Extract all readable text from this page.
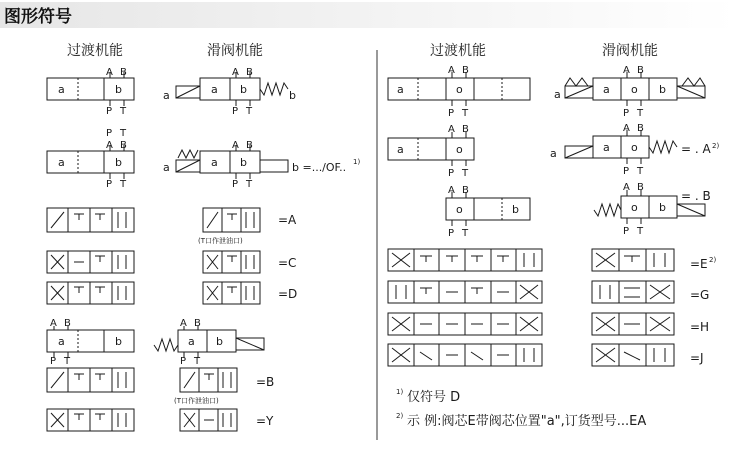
图形符号
过渡机能	滑阀机能	过渡机能	滑阀机能
a	b
A B
P T
a	a b	b
A B
P T
a	b
P T
A B
P T
a	a b	b =.../OF.. 1)
A B
P T
(T口作泄油口)
=A
=C
=D
a	b
A B
P T
a b
A B
P T
(T口作泄油口)
=B
=Y
a	o
A B
P T
a	a o b
A B
P T
a	o
A B
P T
a	a o	= . A 2)
A B
P T
o	b
A B
P T
o b
= . B
A B
P T
=E 2)
=G
=H
=J
1) 仅符号 D
2) 示 例:阀芯E带阀芯位置"a",订货型号...EA
